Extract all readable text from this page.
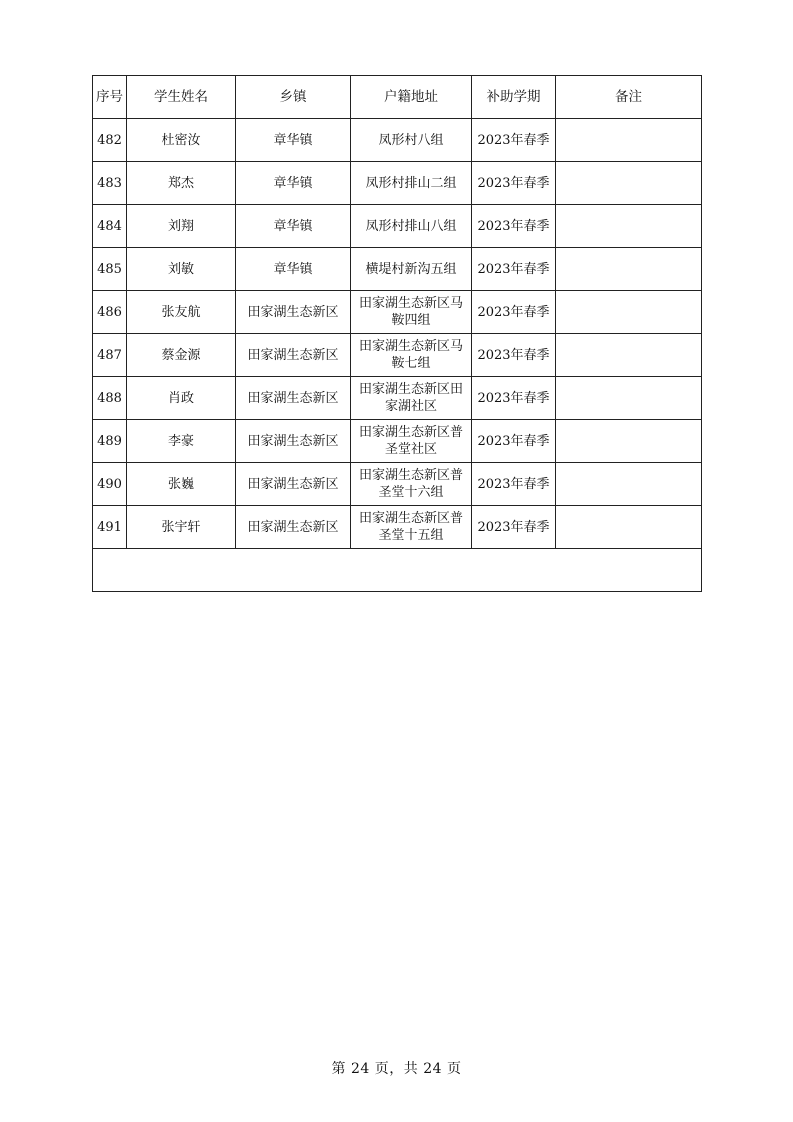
序号	学生姓名	乡镇	户籍地址	补助学期	备注
482	杜密汝	章华镇	凤形村八组	2023年春季	
483	郑杰	章华镇	凤形村排山二组	2023年春季	
484	刘翔	章华镇	凤形村排山八组	2023年春季	
485	刘敏	章华镇	横堤村新沟五组	2023年春季	
486	张友航	田家湖生态新区	田家湖生态新区马鞍四组	2023年春季	
487	蔡金源	田家湖生态新区	田家湖生态新区马鞍七组	2023年春季	
488	肖政	田家湖生态新区	田家湖生态新区田家湖社区	2023年春季	
489	李豪	田家湖生态新区	田家湖生态新区普圣堂社区	2023年春季	
490	张巍	田家湖生态新区	田家湖生态新区普圣堂十六组	2023年春季	
491	张宇轩	田家湖生态新区	田家湖生态新区普圣堂十五组	2023年春季	

第 24 页，共 24 页
